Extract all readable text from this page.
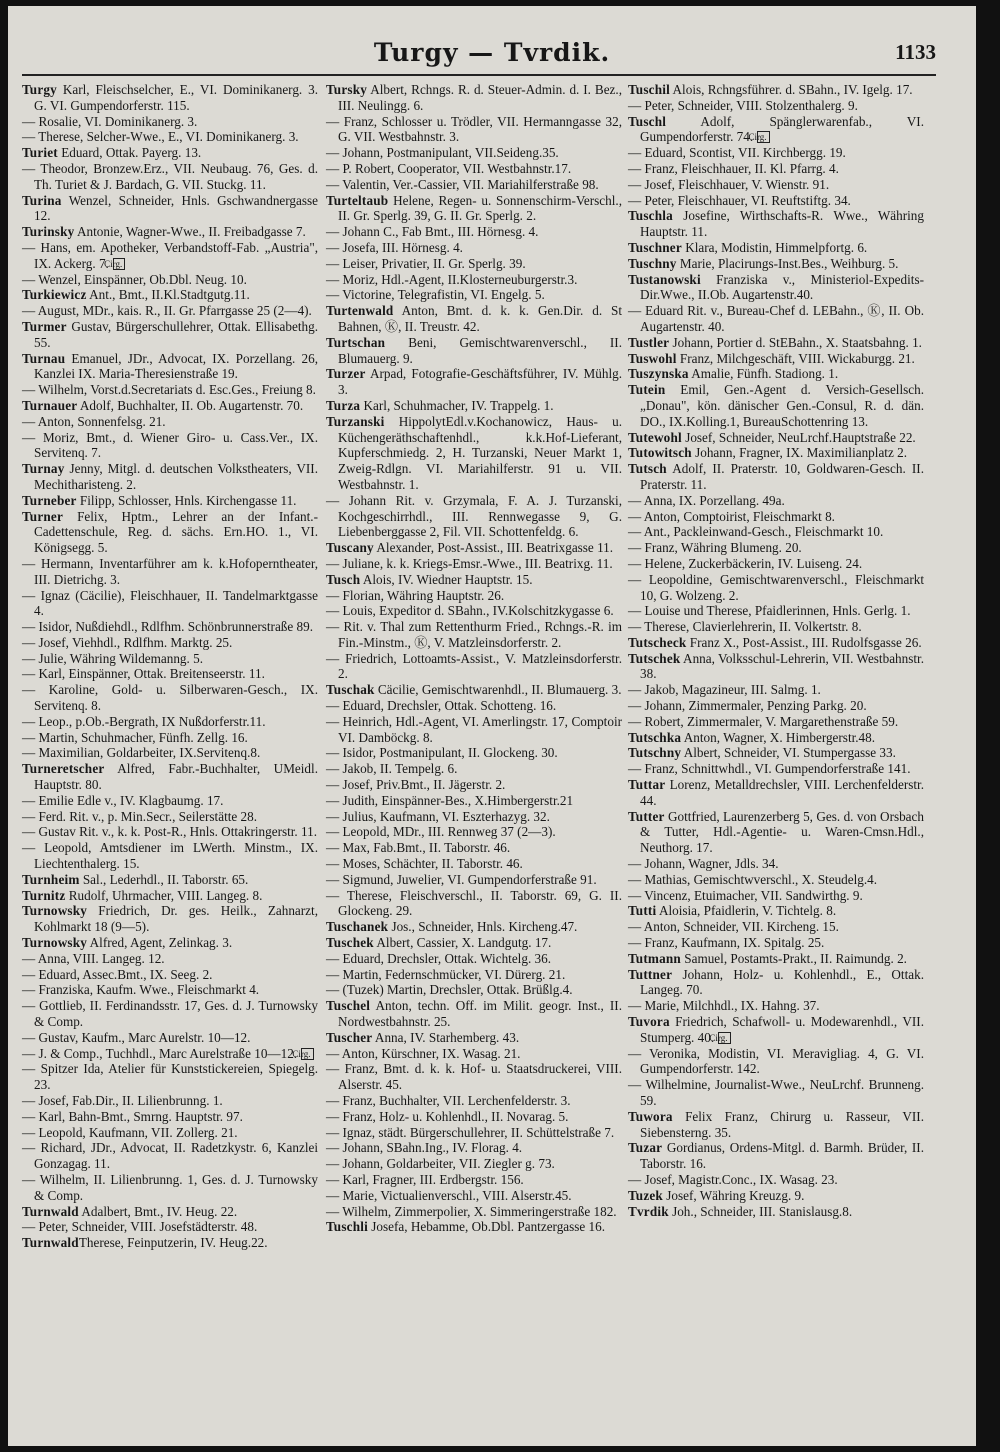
Turgy — Tvrdik.	1133

Turgy Karl, Fleischselcher, E., VI. Dominikanerg. 3. G. VI. Gumpendorferstr. 115.

— Rosalie, VI. Dominikanerg. 3.

— Therese, Selcher-Wwe., E., VI. Dominikanerg. 3.

Turiet Eduard, Ottak. Payerg. 13.

— Theodor, Bronzew.Erz., VII. Neubaug. 76, Ges. d. Th. Turiet & J. Bardach, G. VII. Stuckg. 11.

Turina Wenzel, Schneider, Hnls. Gschwandnergasse 12.

Turinsky Antonie, Wagner-Wwe., II. Freibadgasse 7.

— Hans, em. Apotheker, Verbandstoff-Fab. „Austria", IX. Ackerg. 7. Cirg.

— Wenzel, Einspänner, Ob.Dbl. Neug. 10.

Turkiewicz Ant., Bmt., II.Kl.Stadtgutg.11.

— August, MDr., kais. R., II. Gr. Pfarrgasse 25 (2—4).

Turmer Gustav, Bürgerschullehrer, Ottak. Ellisabethg. 55.

Turnau Emanuel, JDr., Advocat, IX. Porzellang. 26, Kanzlei IX. Maria-Theresienstraße 19.

— Wilhelm, Vorst.d.Secretariats d. Esc.Ges., Freiung 8.

Turnauer Adolf, Buchhalter, II. Ob. Augartenstr. 70.

— Anton, Sonnenfelsg. 21.

— Moriz, Bmt., d. Wiener Giro- u. Cass.Ver., IX. Servitenq. 7.

Turnay Jenny, Mitgl. d. deutschen Volkstheaters, VII. Mechitharisteng. 2.

Turneber Filipp, Schlosser, Hnls. Kirchengasse 11.

Turner Felix, Hptm., Lehrer an der Infant.-Cadettenschule, Reg. d. sächs. Ern.HO. 1., VI. Königsegg. 5.

— Hermann, Inventarführer am k. k.Hofoperntheater, III. Dietrichg. 3.

— Ignaz (Cäcilie), Fleischhauer, II. Tandelmarktgasse 4.

— Isidor, Nußdiehdl., Rdlfhm. Schönbrunnerstraße 89.

— Josef, Viehhdl., Rdlfhm. Marktg. 25.

— Julie, Währing Wildemanng. 5.

— Karl, Einspänner, Ottak. Breitenseerstr. 11.

— Karoline, Gold- u. Silberwaren-Gesch., IX. Servitenq. 8.

— Leop., p.Ob.-Bergrath, IX Nußdorferstr.11.

— Martin, Schuhmacher, Fünfh. Zellg. 16.

— Maximilian, Goldarbeiter, IX.Servitenq.8.

Turneretscher Alfred, Fabr.-Buchhalter, UMeidl. Hauptstr. 80.

— Emilie Edle v., IV. Klagbaumg. 17.

— Ferd. Rit. v., p. Min.Secr., Seilerstätte 28.

— Gustav Rit. v., k. k. Post-R., Hnls. Ottakringerstr. 11.

— Leopold, Amtsdiener im LWerth. Minstm., IX. Liechtenthalerg. 15.

Turnheim Sal., Lederhdl., II. Taborstr. 65.

Turnitz Rudolf, Uhrmacher, VIII. Langeg. 8.

Turnowsky Friedrich, Dr. ges. Heilk., Zahnarzt, Kohlmarkt 18 (9—5).

Turnowsky Alfred, Agent, Zelinkag. 3.

— Anna, VIII. Langeg. 12.

— Eduard, Assec.Bmt., IX. Seeg. 2.

— Franziska, Kaufm. Wwe., Fleischmarkt 4.

— Gottlieb, II. Ferdinandsstr. 17, Ges. d. J. Turnowsky & Comp.

— Gustav, Kaufm., Marc Aurelstr. 10—12.

— J. & Comp., Tuchhdl., Marc Aurelstraße 10—12. Cirg.

— Spitzer Ida, Atelier für Kunststickereien, Spiegelg. 23.

— Josef, Fab.Dir., II. Lilienbrunng. 1.

— Karl, Bahn-Bmt., Smrng. Hauptstr. 97.

— Leopold, Kaufmann, VII. Zollerg. 21.

— Richard, JDr., Advocat, II. Radetzkystr. 6, Kanzlei Gonzagag. 11.

— Wilhelm, II. Lilienbrunng. 1, Ges. d. J. Turnowsky & Comp.

Turnwald Adalbert, Bmt., IV. Heug. 22.

— Peter, Schneider, VIII. Josefstädterstr. 48.

TurnwaldTherese, Feinputzerin, IV. Heug.22.

Tursky Albert, Rchngs. R. d. Steuer-Admin. d. I. Bez., III. Neulingg. 6.

— Franz, Schlosser u. Trödler, VII. Hermanngasse 32, G. VII. Westbahnstr. 3.

— Johann, Postmanipulant, VII.Seideng.35.

— P. Robert, Cooperator, VII. Westbahnstr.17.

— Valentin, Ver.-Cassier, VII. Mariahilferstraße 98.

Turteltaub Helene, Regen- u. Sonnenschirm-Verschl., II. Gr. Sperlg. 39, G. II. Gr. Sperlg. 2.

— Johann C., Fab Bmt., III. Hörnesg. 4.

— Josefa, III. Hörnesg. 4.

— Leiser, Privatier, II. Gr. Sperlg. 39.

— Moriz, Hdl.-Agent, II.Klosterneuburgerstr.3.

— Victorine, Telegrafistin, VI. Engelg. 5.

Turtenwald Anton, Bmt. d. k. k. Gen.Dir. d. St Bahnen, Ⓚ, II. Treustr. 42.

Turtschan Beni, Gemischtwarenverschl., II. Blumauerg. 9.

Turzer Arpad, Fotografie-Geschäftsführer, IV. Mühlg. 3.

Turza Karl, Schuhmacher, IV. Trappelg. 1.

Turzanski HippolytEdl.v.Kochanowicz, Haus- u. Küchengeräthschaftenhdl., k.k.Hof-Lieferant, Kupferschmiedg. 2, H. Turzanski, Neuer Markt 1, Zweig-Rdlgn. VI. Mariahilferstr. 91 u. VII. Westbahnstr. 1.

— Johann Rit. v. Grzymala, F. A. J. Turzanski, Kochgeschirrhdl., III. Rennwegasse 9, G. Liebenberggasse 2, Fil. VII. Schottenfeldg. 6.

Tuscany Alexander, Post-Assist., III. Beatrixgasse 11.

— Juliane, k. k. Kriegs-Emsr.-Wwe., III. Beatrixg. 11.

Tusch Alois, IV. Wiedner Hauptstr. 15.

— Florian, Währing Hauptstr. 26.

— Louis, Expeditor d. SBahn., IV.Kolschitzkygasse 6.

— Rit. v. Thal zum Rettenthurm Fried., Rchngs.-R. im Fin.-Minstm., Ⓚ, V. Matzleinsdorferstr. 2.

— Friedrich, Lottoamts-Assist., V. Matzleinsdorferstr. 2.

Tuschak Cäcilie, Gemischtwarenhdl., II. Blumauerg. 3.

— Eduard, Drechsler, Ottak. Schotteng. 16.

— Heinrich, Hdl.-Agent, VI. Amerlingstr. 17, Comptoir VI. Damböckg. 8.

— Isidor, Postmanipulant, II. Glockeng. 30.

— Jakob, II. Tempelg. 6.

— Josef, Priv.Bmt., II. Jägerstr. 2.

— Judith, Einspänner-Bes., X.Himbergerstr.21

— Julius, Kaufmann, VI. Eszterhazyg. 32.

— Leopold, MDr., III. Rennweg 37 (2—3).

— Max, Fab.Bmt., II. Taborstr. 46.

— Moses, Schächter, II. Taborstr. 46.

— Sigmund, Juwelier, VI. Gumpendorferstraße 91.

— Therese, Fleischverschl., II. Taborstr. 69, G. II. Glockeng. 29.

Tuschanek Jos., Schneider, Hnls. Kircheng.47.

Tuschek Albert, Cassier, X. Landgutg. 17.

— Eduard, Drechsler, Ottak. Wichtelg. 36.

— Martin, Federnschmücker, VI. Dürerg. 21.

— (Tuzek) Martin, Drechsler, Ottak. Brüßlg.4.

Tuschel Anton, techn. Off. im Milit. geogr. Inst., II. Nordwestbahnstr. 25.

Tuscher Anna, IV. Starhemberg. 43.

— Anton, Kürschner, IX. Wasag. 21.

— Franz, Bmt. d. k. k. Hof- u. Staatsdruckerei, VIII. Alserstr. 45.

— Franz, Buchhalter, VII. Lerchenfelderstr. 3.

— Franz, Holz- u. Kohlenhdl., II. Novarag. 5.

— Ignaz, städt. Bürgerschullehrer, II. Schüttelstraße 7.

— Johann, SBahn.Ing., IV. Florag. 4.

— Johann, Goldarbeiter, VII. Ziegler g. 73.

— Karl, Fragner, III. Erdbergstr. 156.

— Marie, Victualienverschl., VIII. Alserstr.45.

— Wilhelm, Zimmerpolier, X. Simmeringerstraße 182.

Tuschli Josefa, Hebamme, Ob.Dbl. Pantzergasse 16.

Tuschil Alois, Rchngsführer. d. SBahn., IV. Igelg. 17.

— Peter, Schneider, VIII. Stolzenthalerg. 9.

Tuschl Adolf, Spänglerwarenfab., VI. Gumpendorferstr. 74. Cirg.

— Eduard, Scontist, VII. Kirchbergg. 19.

— Franz, Fleischhauer, II. Kl. Pfarrg. 4.

— Josef, Fleischhauer, V. Wienstr. 91.

— Peter, Fleischhauer, VI. Reuftstiftg. 34.

Tuschla Josefine, Wirthschafts-R. Wwe., Währing Hauptstr. 11.

Tuschner Klara, Modistin, Himmelpfortg. 6.

Tuschny Marie, Placirungs-Inst.Bes., Weihburg. 5.

Tustanowski Franziska v., Ministeriol-Expedits-Dir.Wwe., II.Ob. Augartenstr.40.

— Eduard Rit. v., Bureau-Chef d. LEBahn., Ⓚ, II. Ob. Augartenstr. 40.

Tustler Johann, Portier d. StEBahn., X. Staatsbahng. 1.

Tuswohl Franz, Milchgeschäft, VIII. Wickaburgg. 21.

Tuszynska Amalie, Fünfh. Stadiong. 1.

Tutein Emil, Gen.-Agent d. Versich-Gesellsch. „Donau", kön. dänischer Gen.-Consul, R. d. dän. DO., IX.Kolling.1, BureauSchottenring 13.

Tutewohl Josef, Schneider, NeuLrchf.Hauptstraße 22.

Tutowitsch Johann, Fragner, IX. Maximilianplatz 2.

Tutsch Adolf, II. Praterstr. 10, Goldwaren-Gesch. II. Praterstr. 11.

— Anna, IX. Porzellang. 49a.

— Anton, Comptoirist, Fleischmarkt 8.

— Ant., Packleinwand-Gesch., Fleischmarkt 10.

— Franz, Währing Blumeng. 20.

— Helene, Zuckerbäckerin, IV. Luiseng. 24.

— Leopoldine, Gemischtwarenverschl., Fleischmarkt 10, G. Wolzeng. 2.

— Louise und Therese, Pfaidlerinnen, Hnls. Gerlg. 1.

— Therese, Clavierlehrerin, II. Volkertstr. 8.

Tutscheck Franz X., Post-Assist., III. Rudolfsgasse 26.

Tutschek Anna, Volksschul-Lehrerin, VII. Westbahnstr. 38.

— Jakob, Magazineur, III. Salmg. 1.

— Johann, Zimmermaler, Penzing Parkg. 20.

— Robert, Zimmermaler, V. Margarethenstraße 59.

Tutschka Anton, Wagner, X. Himbergerstr.48.

Tutschny Albert, Schneider, VI. Stumpergasse 33.

— Franz, Schnittwhdl., VI. Gumpendorferstraße 141.

Tuttar Lorenz, Metalldrechsler, VIII. Lerchenfelderstr. 44.

Tutter Gottfried, Laurenzerberg 5, Ges. d. von Orsbach & Tutter, Hdl.-Agentie- u. Waren-Cmsn.Hdl., Neuthorg. 17.

— Johann, Wagner, Jdls. 34.

— Mathias, Gemischtwverschl., X. Steudelg.4.

— Vincenz, Etuimacher, VII. Sandwirthg. 9.

Tutti Aloisia, Pfaidlerin, V. Tichtelg. 8.

— Anton, Schneider, VII. Kircheng. 15.

— Franz, Kaufmann, IX. Spitalg. 25.

Tutmann Samuel, Postamts-Prakt., II. Raimundg. 2.

Tuttner Johann, Holz- u. Kohlenhdl., E., Ottak. Langeg. 70.

— Marie, Milchhdl., IX. Hahng. 37.

Tuvora Friedrich, Schafwoll- u. Modewarenhdl., VII. Stumperg. 40. Cirg.

— Veronika, Modistin, VI. Meravigliag. 4, G. VI. Gumpendorferstr. 142.

— Wilhelmine, Journalist-Wwe., NeuLrchf. Brunneng. 59.

Tuwora Felix Franz, Chirurg u. Rasseur, VII. Siebensterng. 35.

Tuzar Gordianus, Ordens-Mitgl. d. Barmh. Brüder, II. Taborstr. 16.

— Josef, Magistr.Conc., IX. Wasag. 23.

Tuzek Josef, Währing Kreuzg. 9.

Tvrdik Joh., Schneider, III. Stanislausg.8.
